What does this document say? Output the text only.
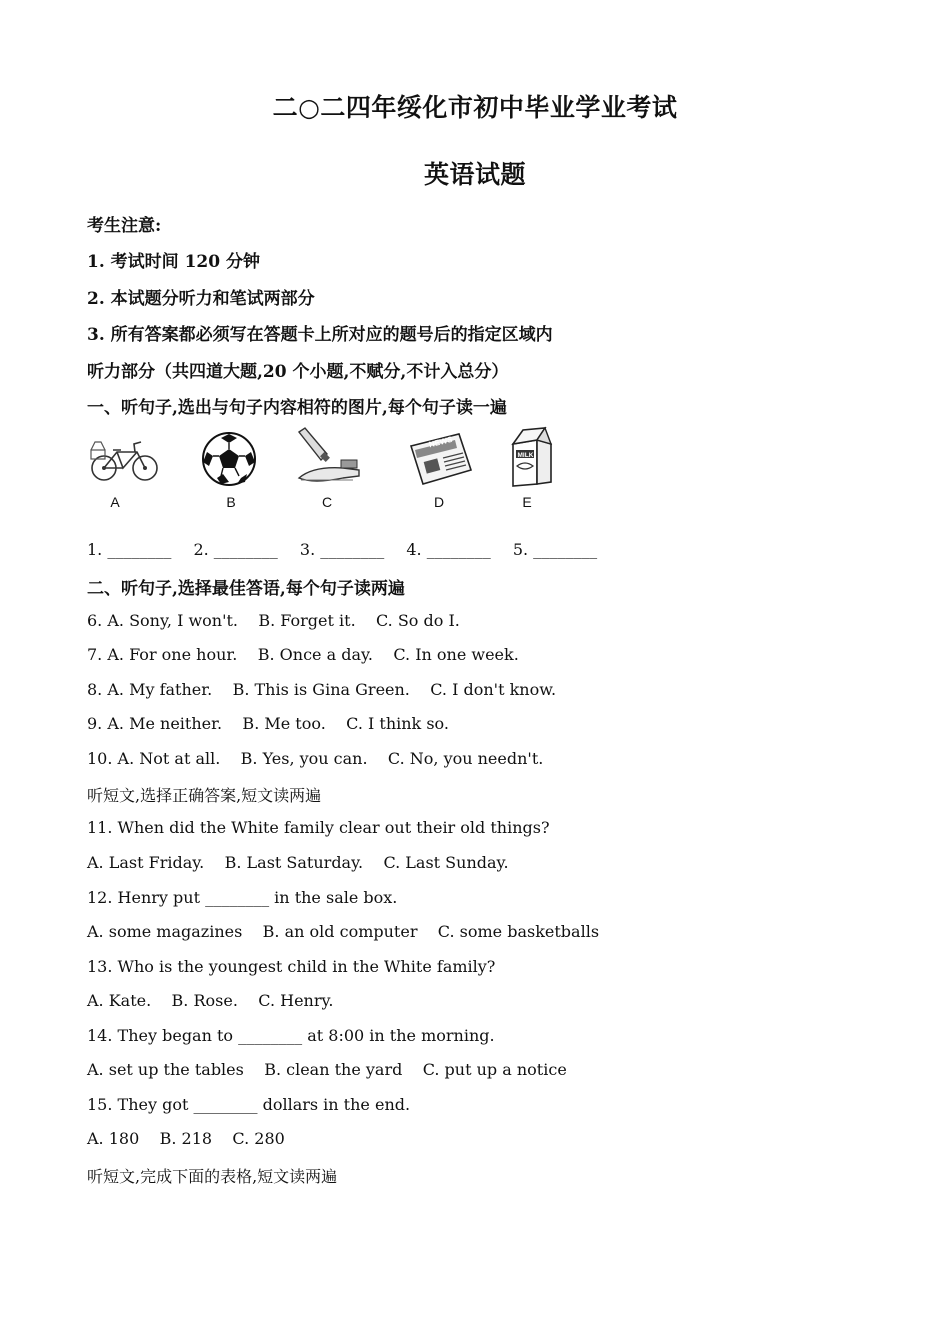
二○二四年绥化市初中毕业学业考试
英语试题
考生注意:
1. 考试时间 120 分钟
2. 本试题分听力和笔试两部分
3. 所有答案都必须写在答题卡上所对应的题号后的指定区域内
听力部分（共四道大题,20 个小题,不赋分,不计入总分）
一、听句子,选出与句子内容相符的图片,每个句子读一遍
A	B	C
NEWS
D
MILK
E
1. ________ 2. ________ 3. ________ 4. ________ 5. ________
二、听句子,选择最佳答语,每个句子读两遍
6. A. Sony, I won't.    B. Forget it.    C. So do I.
7. A. For one hour.    B. Once a day.    C. In one week.
8. A. My father.    B. This is Gina Green.    C. I don't know.
9. A. Me neither.    B. Me too.    C. I think so.
10. A. Not at all.    B. Yes, you can.    C. No, you needn't.
听短文,选择正确答案,短文读两遍
11. When did the White family clear out their old things?
A. Last Friday.    B. Last Saturday.    C. Last Sunday.
12. Henry put ________ in the sale box.
A. some magazines    B. an old computer    C. some basketballs
13. Who is the youngest child in the White family?
A. Kate.    B. Rose.    C. Henry.
14. They began to ________ at 8:00 in the morning.
A. set up the tables    B. clean the yard    C. put up a notice
15. They got ________ dollars in the end.
A. 180    B. 218    C. 280
听短文,完成下面的表格,短文读两遍
